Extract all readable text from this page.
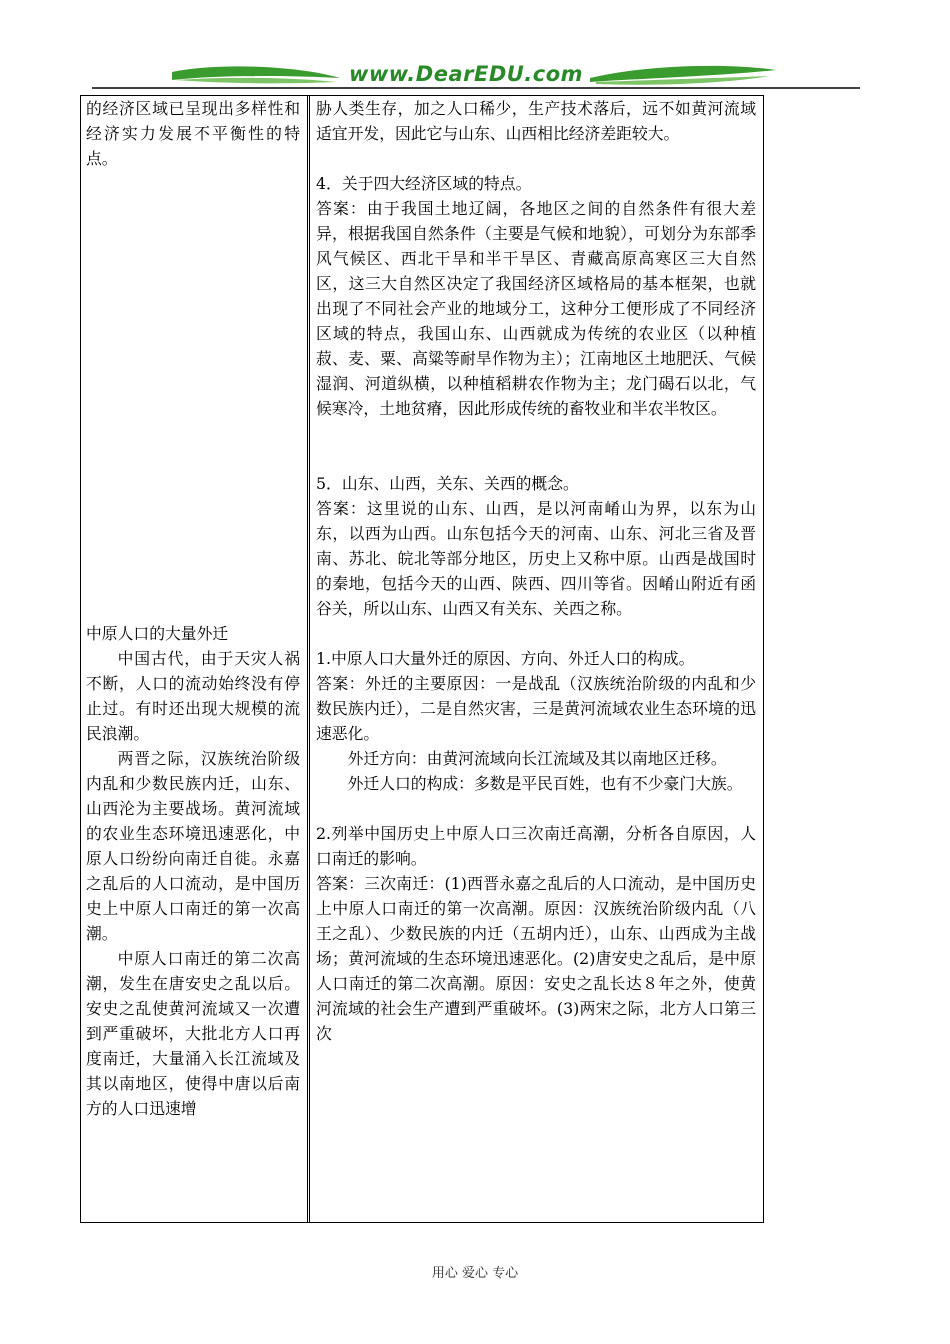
www.DearEDU.com

的经济区域已呈现出多样性和经济实力发展不平衡性的特点。

中原人口的大量外迁

中国古代，由于天灾人祸不断，人口的流动始终没有停止过。有时还出现大规模的流民浪潮。

两晋之际，汉族统治阶级内乱和少数民族内迁，山东、山西沦为主要战场。黄河流域的农业生态环境迅速恶化，中原人口纷纷向南迁自徙。永嘉之乱后的人口流动，是中国历史上中原人口南迁的第一次高潮。

中原人口南迁的第二次高潮，发生在唐安史之乱以后。安史之乱使黄河流域又一次遭到严重破坏，大批北方人口再度南迁，大量涌入长江流域及其以南地区，使得中唐以后南方的人口迅速增

胁人类生存，加之人口稀少，生产技术落后，远不如黄河流域适宜开发，因此它与山东、山西相比经济差距较大。

4．关于四大经济区域的特点。

答案：由于我国土地辽阔，各地区之间的自然条件有很大差异，根据我国自然条件（主要是气候和地貌），可划分为东部季风气候区、西北干旱和半干旱区、青藏高原高寒区三大自然区，这三大自然区决定了我国经济区域格局的基本框架，也就出现了不同社会产业的地域分工，这种分工便形成了不同经济区域的特点，我国山东、山西就成为传统的农业区（以种植菽、麦、粟、高粱等耐旱作物为主）；江南地区土地肥沃、气候湿润、河道纵横，以种植稻耕农作物为主；龙门碣石以北，气候寒冷，土地贫瘠，因此形成传统的畜牧业和半农半牧区。

5．山东、山西，关东、关西的概念。

答案：这里说的山东、山西，是以河南崤山为界，以东为山东，以西为山西。山东包括今天的河南、山东、河北三省及晋南、苏北、皖北等部分地区，历史上又称中原。山西是战国时的秦地，包括今天的山西、陕西、四川等省。因崤山附近有函谷关，所以山东、山西又有关东、关西之称。

1.中原人口大量外迁的原因、方向、外迁人口的构成。

答案：外迁的主要原因：一是战乱（汉族统治阶级的内乱和少数民族内迁），二是自然灾害，三是黄河流域农业生态环境的迅速恶化。

外迁方向：由黄河流域向长江流域及其以南地区迁移。

外迁人口的构成：多数是平民百姓，也有不少豪门大族。

2.列举中国历史上中原人口三次南迁高潮，分析各自原因，人口南迁的影响。

答案：三次南迁：(1)西晋永嘉之乱后的人口流动，是中国历史上中原人口南迁的第一次高潮。原因：汉族统治阶级内乱（八王之乱）、少数民族的内迁（五胡内迁），山东、山西成为主战场；黄河流域的生态环境迅速恶化。(2)唐安史之乱后，是中原人口南迁的第二次高潮。原因：安史之乱长达８年之外，使黄河流域的社会生产遭到严重破坏。(3)两宋之际，北方人口第三次

用心 爱心 专心
